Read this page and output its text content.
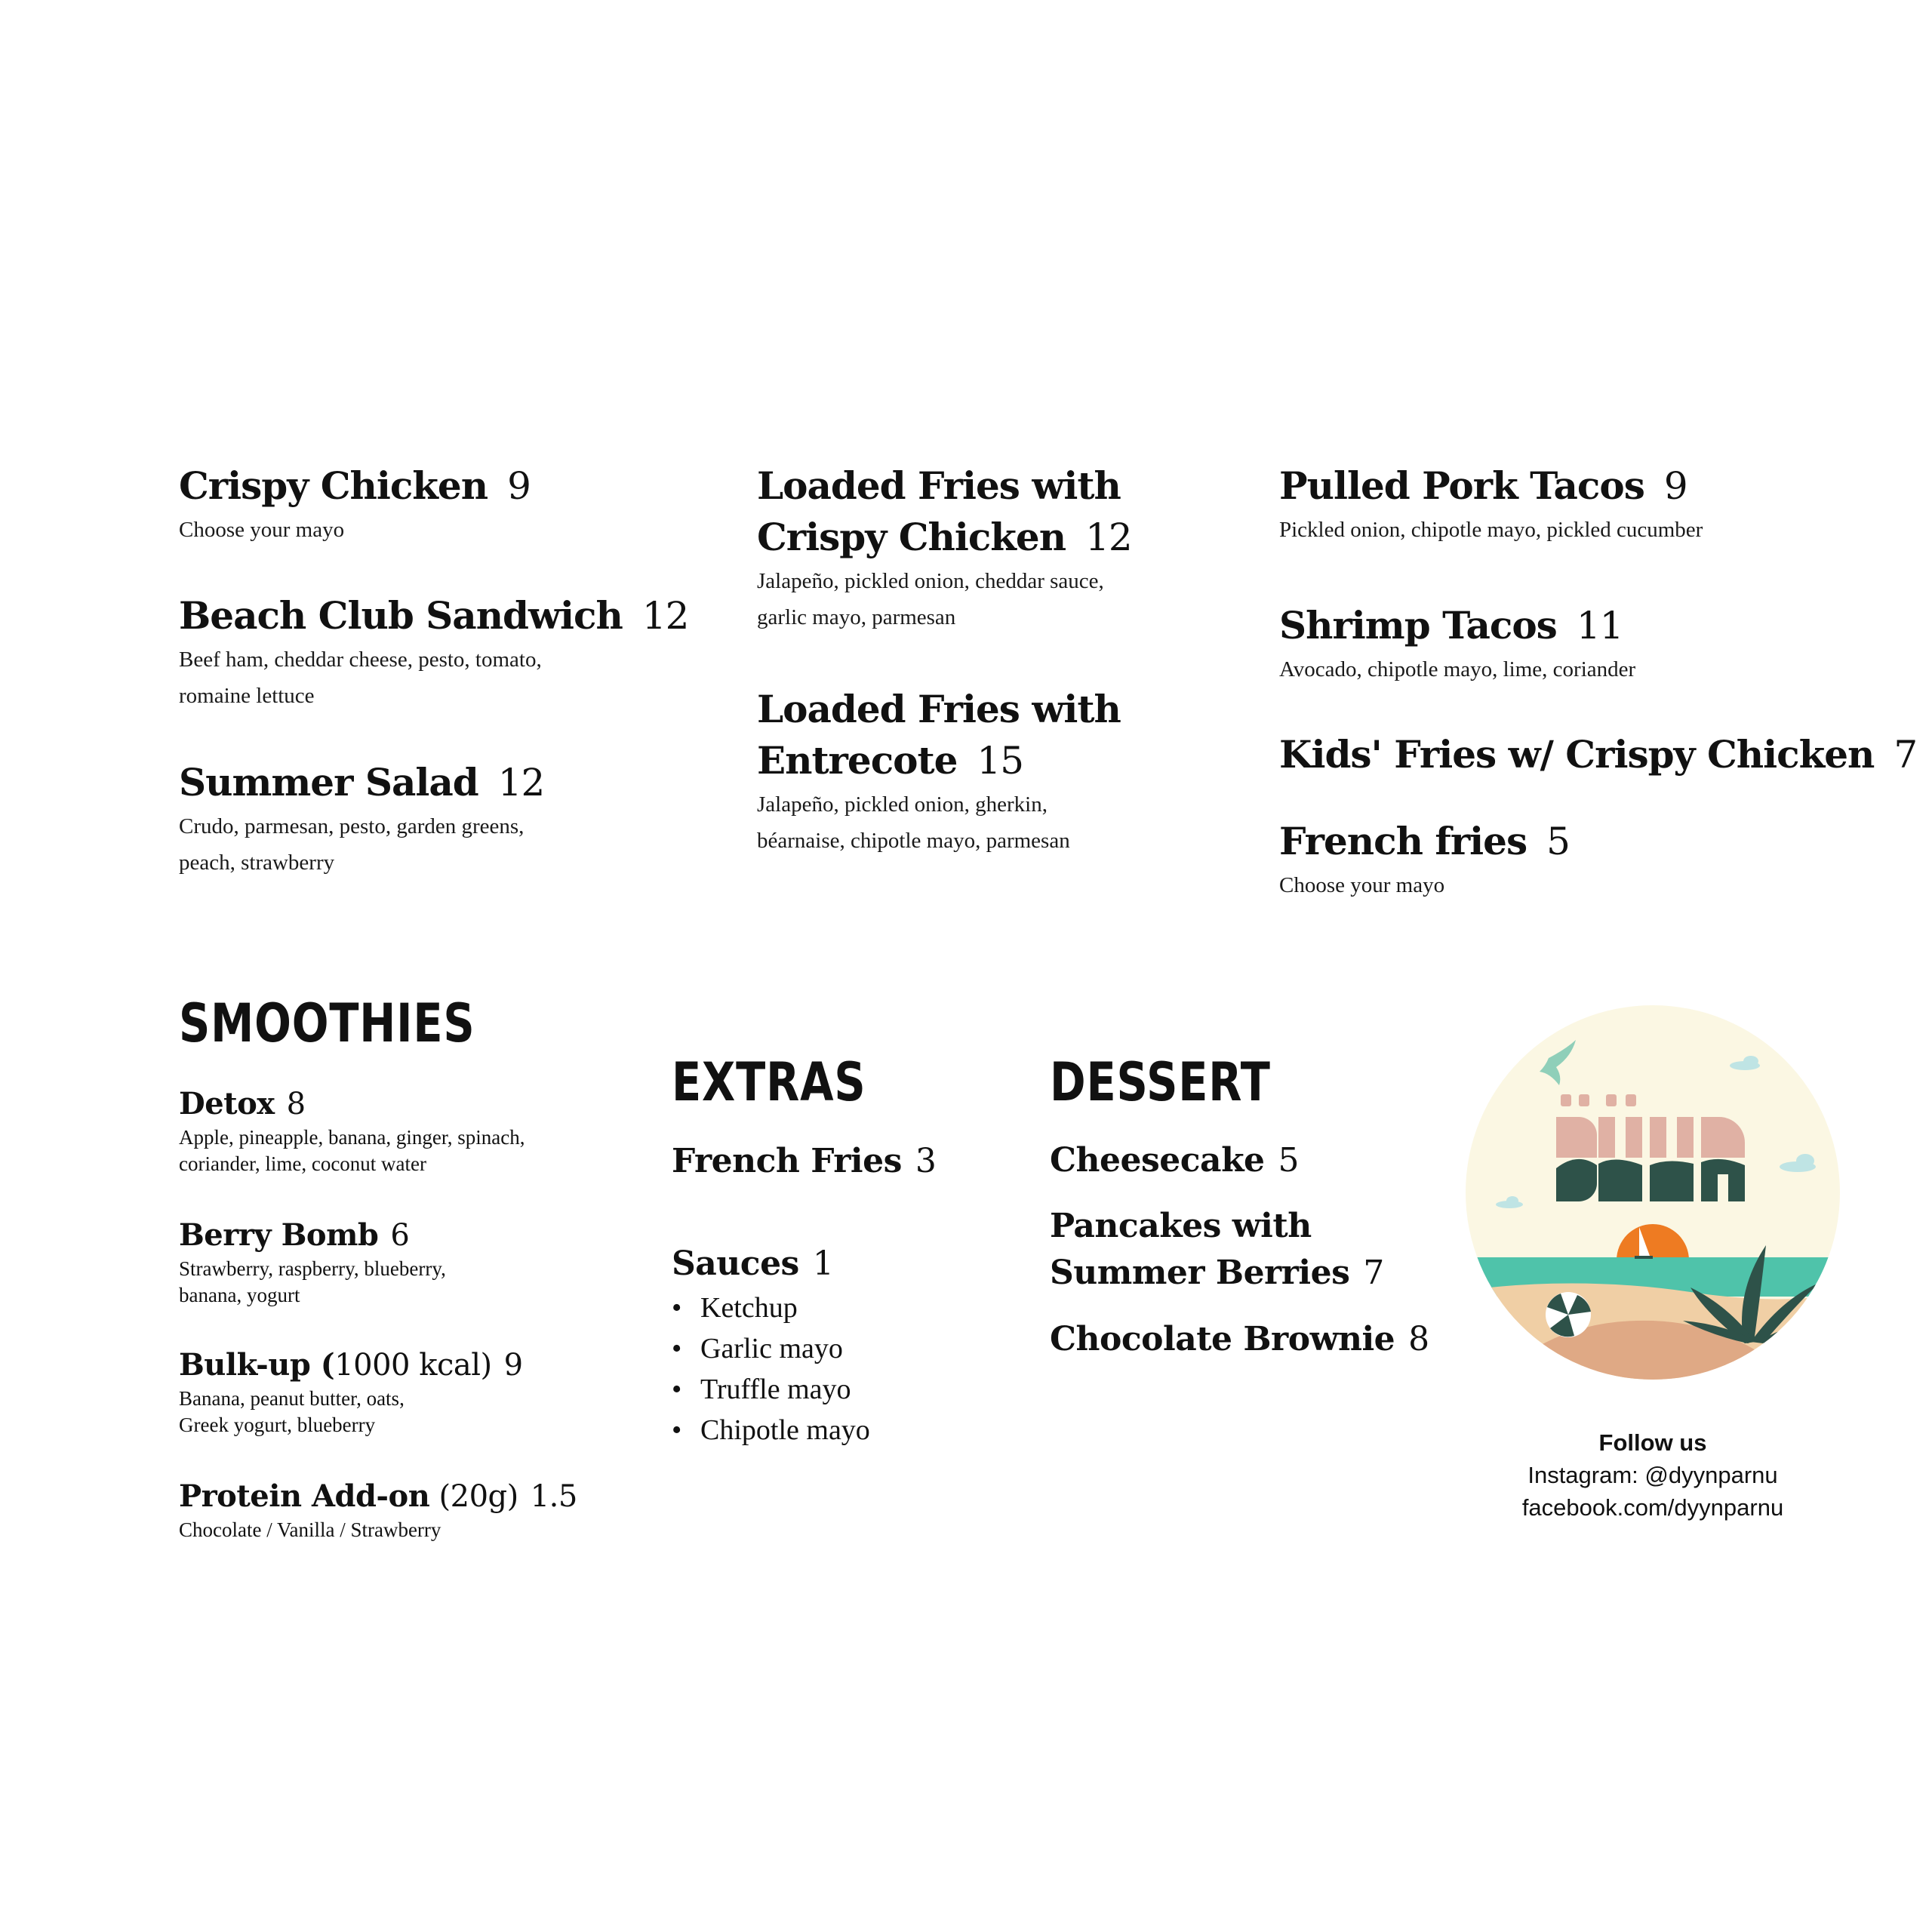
Crispy Chicken 9
Choose your mayo
Beach Club Sandwich 12
Beef ham, cheddar cheese, pesto, tomato,
romaine lettuce
Summer Salad 12
Crudo, parmesan, pesto, garden greens,
peach, strawberry
Loaded Fries with
Crispy Chicken 12
Jalapeño, pickled onion, cheddar sauce,
garlic mayo, parmesan
Loaded Fries with
Entrecote 15
Jalapeño, pickled onion, gherkin,
béarnaise, chipotle mayo, parmesan
Pulled Pork Tacos 9
Pickled onion, chipotle mayo, pickled cucumber
Shrimp Tacos 11
Avocado, chipotle mayo, lime, coriander
Kids' Fries w/ Crispy Chicken 7
French fries 5
Choose your mayo
SMOOTHIES
Detox 8
Apple, pineapple, banana, ginger, spinach,
coriander, lime, coconut water
Berry Bomb 6
Strawberry, raspberry, blueberry,
banana, yogurt
Bulk-up (1000 kcal) 9
Banana, peanut butter, oats,
Greek yogurt, blueberry
Protein Add-on (20g) 1.5
Chocolate / Vanilla / Strawberry
EXTRAS
French Fries 3
Sauces 1
• Ketchup
• Garlic mayo
• Truffle mayo
• Chipotle mayo
DESSERT
Cheesecake 5
Pancakes with
Summer Berries 7
Chocolate Brownie 8
Follow us
Instagram: @dyynparnu
facebook.com/dyynparnu
